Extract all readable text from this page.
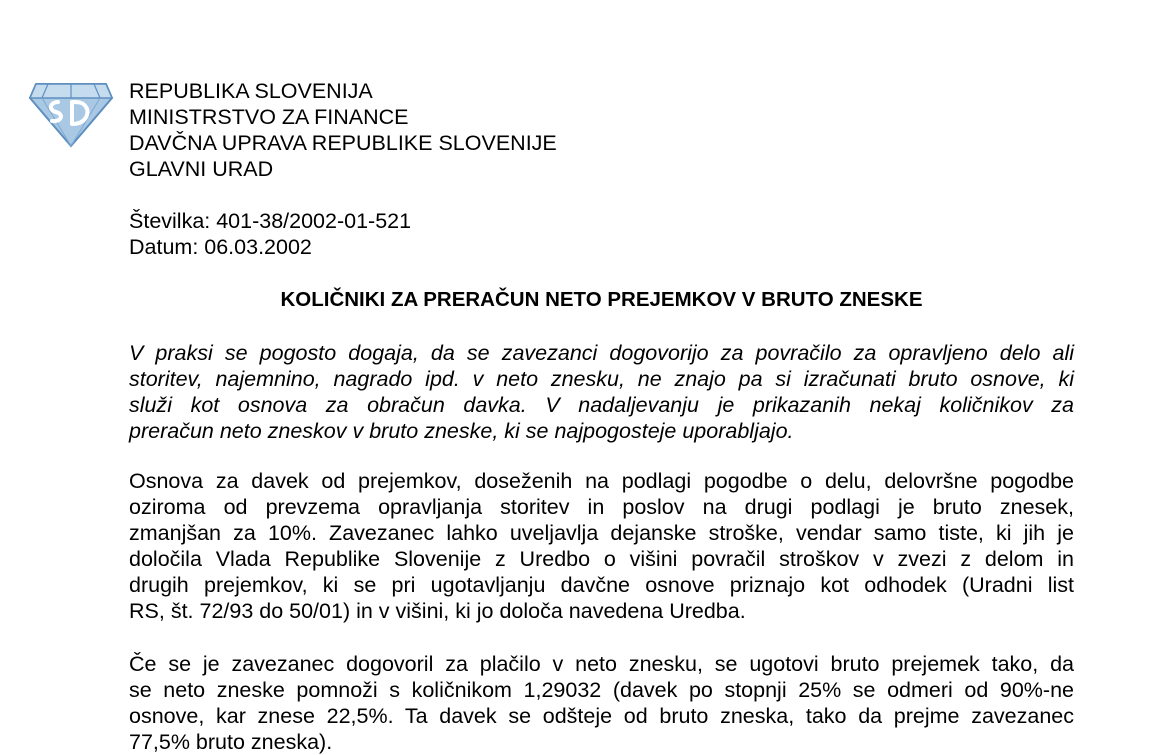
REPUBLIKA SLOVENIJA
MINISTRSTVO ZA FINANCE
DAVČNA UPRAVA REPUBLIKE SLOVENIJE
GLAVNI URAD
Številka: 401-38/2002-01-521
Datum: 06.03.2002
KOLIČNIKI ZA PRERAČUN NETO PREJEMKOV V BRUTO ZNESKE
V praksi se pogosto dogaja, da se zavezanci dogovorijo za povračilo za opravljeno delo ali
storitev, najemnino, nagrado ipd. v neto znesku, ne znajo pa si izračunati bruto osnove, ki
služi kot osnova za obračun davka. V nadaljevanju je prikazanih nekaj količnikov za
preračun neto zneskov v bruto zneske, ki se najpogosteje uporabljajo.
Osnova za davek od prejemkov, doseženih na podlagi pogodbe o delu, delovršne pogodbe
oziroma od prevzema opravljanja storitev in poslov na drugi podlagi je bruto znesek,
zmanjšan za 10%. Zavezanec lahko uveljavlja dejanske stroške, vendar samo tiste, ki jih je
določila Vlada Republike Slovenije z Uredbo o višini povračil stroškov v zvezi z delom in
drugih prejemkov, ki se pri ugotavljanju davčne osnove priznajo kot odhodek (Uradni list
RS, št. 72/93 do 50/01) in v višini, ki jo določa navedena Uredba.
Če se je zavezanec dogovoril za plačilo v neto znesku, se ugotovi bruto prejemek tako, da
se neto zneske pomnoži s količnikom 1,29032 (davek po stopnji 25% se odmeri od 90%-ne
osnove, kar znese 22,5%. Ta davek se odšteje od bruto zneska, tako da prejme zavezanec
77,5% bruto zneska).
